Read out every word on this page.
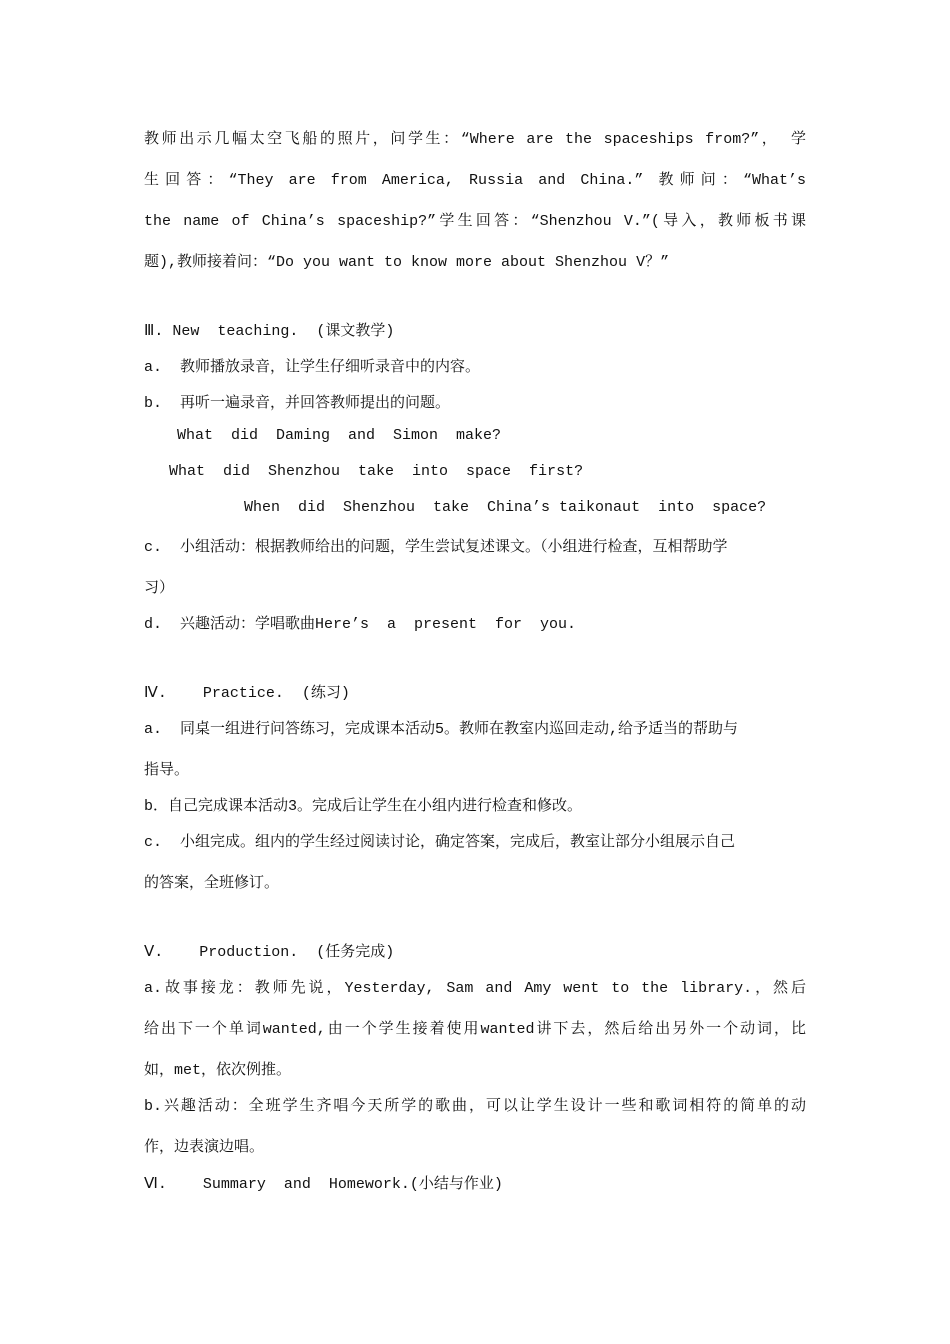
教师出示几幅太空飞船的照片，问学生：“Where are the spaceships from?”， 学
生回答：“They are from America, Russia and China.” 教师问：“What’s
the name of China’s spaceship?”学生回答：“Shenzhou V.”(导入，教师板书课
题),教师接着问：“Do you want to know more about Shenzhou V？”
Ⅲ. New  teaching.  (课文教学)
a.  教师播放录音，让学生仔细听录音中的内容。
b.  再听一遍录音，并回答教师提出的问题。
What  did  Daming  and  Simon  make?
What  did  Shenzhou  take  into  space  first?
When  did  Shenzhou  take  China’s taikonaut  into  space?
c.  小组活动：根据教师给出的问题，学生尝试复述课文。（小组进行检查，互相帮助学
习）
d.  兴趣活动：学唱歌曲Here’s  a  present  for  you.
Ⅳ.    Practice.  (练习)
a.  同桌一组进行问答练习，完成课本活动5。教师在教室内巡回走动,给予适当的帮助与
指导。
b．自己完成课本活动3。完成后让学生在小组内进行检查和修改。
c.  小组完成。组内的学生经过阅读讨论，确定答案，完成后，教室让部分小组展示自己
的答案，全班修订。
Ⅴ.    Production.  (任务完成)
a.故事接龙：教师先说，Yesterday, Sam and Amy went to the library.，然后
给出下一个单词wanted,由一个学生接着使用wanted讲下去，然后给出另外一个动词，比
如，met，依次例推。
b.兴趣活动：全班学生齐唱今天所学的歌曲，可以让学生设计一些和歌词相符的简单的动
作，边表演边唱。
Ⅵ.    Summary  and  Homework.(小结与作业)
